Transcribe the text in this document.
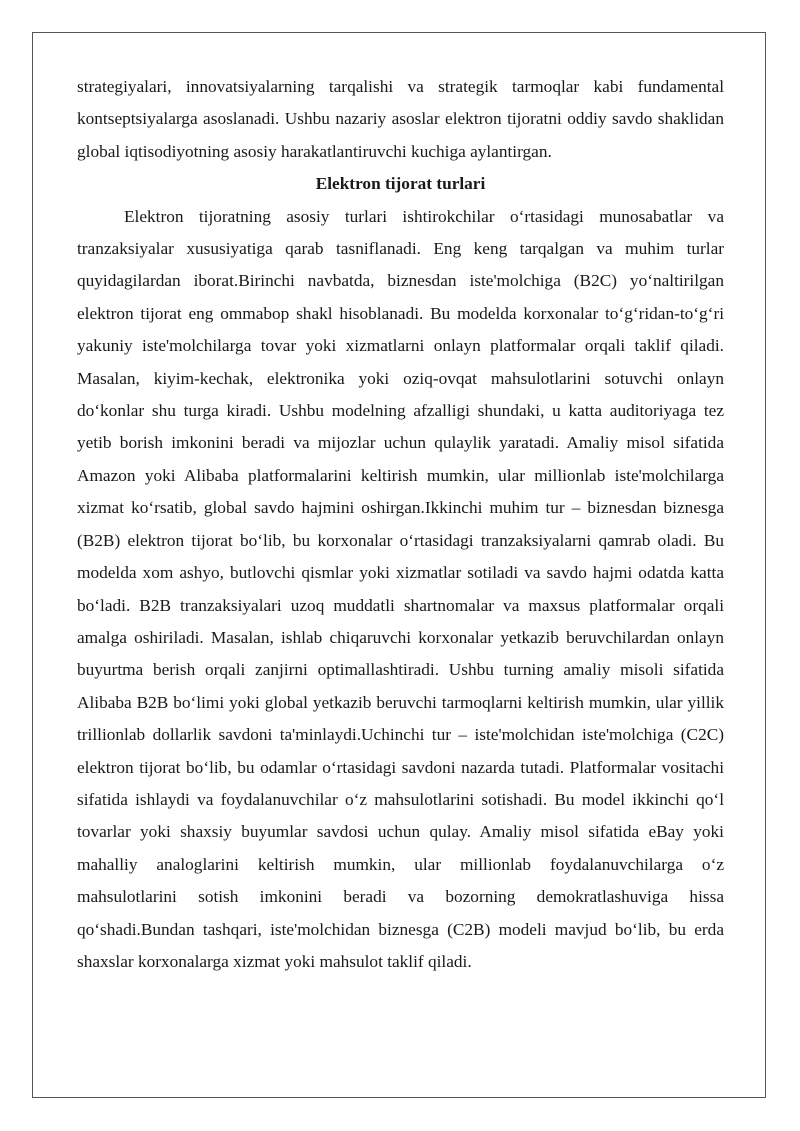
strategiyalari, innovatsiyalarning tarqalishi va strategik tarmoqlar kabi fundamental kontseptsiyalarga asoslanadi. Ushbu nazariy asoslar elektron tijoratni oddiy savdo shaklidan global iqtisodiyotning asosiy harakatlantiruvchi kuchiga aylantirgan.

Elektron tijorat turlari

Elektron tijoratning asosiy turlari ishtirokchilar o‘rtasidagi munosabatlar va tranzaksiyalar xususiyatiga qarab tasniflanadi. Eng keng tarqalgan va muhim turlar quyidagilardan iborat.Birinchi navbatda, biznesdan iste'molchiga (B2C) yo‘naltirilgan elektron tijorat eng ommabop shakl hisoblanadi. Bu modelda korxonalar to‘g‘ridan-to‘g‘ri yakuniy iste'molchilarga tovar yoki xizmatlarni onlayn platformalar orqali taklif qiladi. Masalan, kiyim-kechak, elektronika yoki oziq-ovqat mahsulotlarini sotuvchi onlayn do‘konlar shu turga kiradi. Ushbu modelning afzalligi shundaki, u katta auditoriyaga tez yetib borish imkonini beradi va mijozlar uchun qulaylik yaratadi. Amaliy misol sifatida Amazon yoki Alibaba platformalarini keltirish mumkin, ular millionlab iste'molchilarga xizmat ko‘rsatib, global savdo hajmini oshirgan.Ikkinchi muhim tur – biznesdan biznesga (B2B) elektron tijorat bo‘lib, bu korxonalar o‘rtasidagi tranzaksiyalarni qamrab oladi. Bu modelda xom ashyo, butlovchi qismlar yoki xizmatlar sotiladi va savdo hajmi odatda katta bo‘ladi. B2B tranzaksiyalari uzoq muddatli shartnomalar va maxsus platformalar orqali amalga oshiriladi. Masalan, ishlab chiqaruvchi korxonalar yetkazib beruvchilardan onlayn buyurtma berish orqali zanjirni optimallashtiradi. Ushbu turning amaliy misoli sifatida Alibaba B2B bo‘limi yoki global yetkazib beruvchi tarmoqlarni keltirish mumkin, ular yillik trillionlab dollarlik savdoni ta'minlaydi.Uchinchi tur – iste'molchidan iste'molchiga (C2C) elektron tijorat bo‘lib, bu odamlar o‘rtasidagi savdoni nazarda tutadi. Platformalar vositachi sifatida ishlaydi va foydalanuvchilar o‘z mahsulotlarini sotishadi. Bu model ikkinchi qo‘l tovarlar yoki shaxsiy buyumlar savdosi uchun qulay. Amaliy misol sifatida eBay yoki mahalliy analoglarini keltirish mumkin, ular millionlab foydalanuvchilarga o‘z mahsulotlarini sotish imkonini beradi va bozorning demokratlashuviga hissa qo‘shadi.Bundan tashqari, iste'molchidan biznesga (C2B) modeli mavjud bo‘lib, bu erda shaxslar korxonalarga xizmat yoki mahsulot taklif qiladi.
